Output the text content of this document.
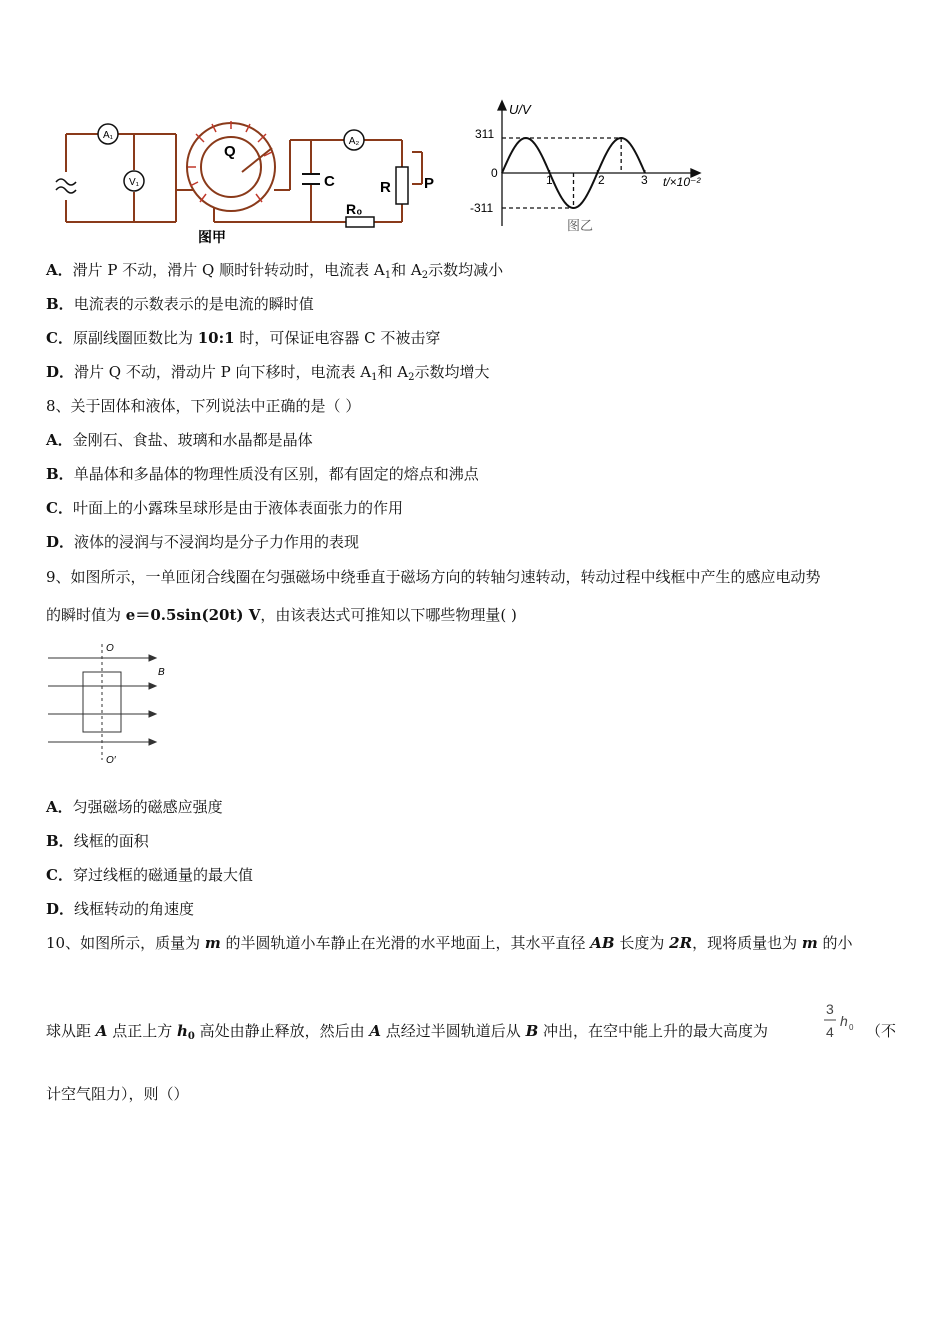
A₁
V₁
Q
A₂
C	R P
R₀
图甲
U/V
311
0
-311
1	2	3 t/×10⁻²
图乙
A．滑片 P 不动，滑片 Q 顺时针转动时，电流表 $A_1$和 $A_2$示数均减小
B．电流表的示数表示的是电流的瞬时值
C．原副线圈匝数比为 10:1 时，可保证电容器 C 不被击穿
D．滑片 Q 不动，滑动片 P 向下移时，电流表 $A_1$和 $A_2$示数均增大
8、关于固体和液体，下列说法中正确的是（ ）
A．金刚石、食盐、玻璃和水晶都是晶体
B．单晶体和多晶体的物理性质没有区别，都有固定的熔点和沸点
C．叶面上的小露珠呈球形是由于液体表面张力的作用
D．液体的浸润与不浸润均是分子力作用的表现
9、如图所示，一单匝闭合线圈在匀强磁场中绕垂直于磁场方向的转轴匀速转动，转动过程中线框中产生的感应电动势
的瞬时值为 e＝0.5sin(20t) V，由该表达式可推知以下哪些物理量( )
O
O′
B
A．匀强磁场的磁感应强度
B．线框的面积
C．穿过线框的磁通量的最大值
D．线框转动的角速度
10、如图所示，质量为 m 的半圆轨道小车静止在光滑的水平地面上，其水平直径 AB 长度为 2R，现将质量也为 m 的小
球从距 A 点正上方 $h_0$ 高处由静止释放，然后由 A 点经过半圆轨道后从 B 冲出，在空中能上升的最大高度为
3
4
h 0 （不
计空气阻力），则（）
